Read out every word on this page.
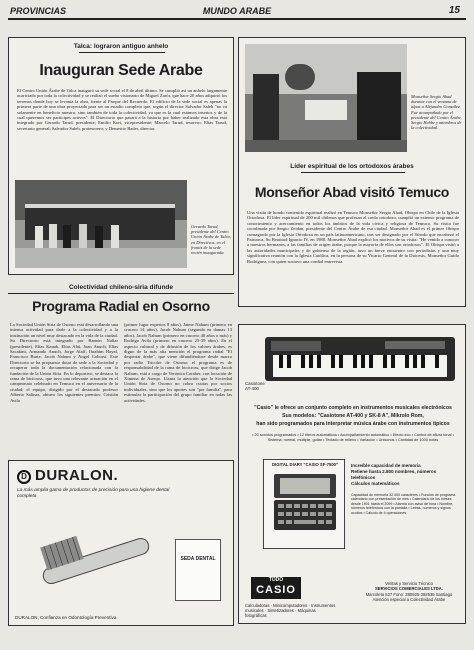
PROVINCIAS	MUNDO ARABE	15
Talca: lograron antiguo anhelo
Inauguran Sede Arabe
El Centro Unión Árabe de Talca inauguró su sede social el 8 de abril último. Se cumplió así un anhelo largamente acariciado por toda la colectividad y se realizó el sueño visionario de Miguel Zarör, que hace 20 años adquirió los terrenos donde hoy se levanta la obra, frente al Parque del Recuerdo. El edificio de la sede social es apenas la primera parte de una obra proyectada para ser un estadio completo que, según el director Salvador Saleh "no va solamente en beneficio nuestro, sino también de toda la colectividad, ya que es la cual estamos insertos y de la cual queremos ser partícipes activos". El Directorio que pasará a la historia por haber realizado esta obra está integrado por Gerardo Tarud, presidente; Emilio Kort, vicepresidente; Marcelo Tarud, tesorero; Elías Tarud, secretario general; Salvador Saleh, protesorero; y Demetrio Bader, director.
Gerardo Tarud, presidente del Centro Unión Árabe de Talca, en Directivos, en el frontis de la sede recién inaugurada.
Monseñor Sergio Abad durante con el ventana de alpas a Alejandro González. Fue acompañado por el presidente del Centro Árabe, Sergio Hebbe y miembros de la colectividad.
Líder espiritual de los ortodoxos árabes
Monseñor Abad visitó Temuco
Una visita de hondo contenido espiritual realizó en Temuco Monseñor Sergio Abad, Obispo en Chile de la Iglesia Ortodoxa. El líder espiritual de 200 mil chilenos que profesan el credo ortodoxo, cumplió un extenso programa de conocimiento y acercamiento en todos los ámbitos de la vida cívica y religiosa de Temuco. Su visita fue coordinada por Sergio Zeidan, presidente del Centro Árabe de esa ciudad. Monseñor Abad es el primer Obispo consagrado por la Iglesia Ortodoxa en un país latinoamericano, tras ser designado por el Sínodo que encabezó el Patriarca, Su Beatitud Ignacio IV, en 1988. Monseñor Abad explicó los motivos de su visita: "He venido a conocer a nuestros hermanos, a las familias de origen árabe, porque la mayoría de ellos son ortodoxos". El Obispo visitó a las autoridades municipales y de gobierno de la región, tuvo un breve encuentro con periodistas y una muy significativa reunión con la Iglesia Católica, en la persona de su Vicario General de la Diócesis, Monseñor Guido Rodríguez, con quien sostuvo una cordial entrevista.
Colectividad chileno-siria difunde
Programa Radial en Osorno
La Sociedad Unión Siria de Osorno está desarrollando una intensa actividad para darle a la colectividad y a la institución un nivel muy destacado en la vida de la ciudad. Su Directorio está integrado por Ramón Nallar (presidente), Elías Kauak, Elías Ahú, Juan Anuch, Elías Sacakini, Armando Anuch, Jorge Alaff, Ibrahim Hayal, Francisco Burte, Jacob Nahum y Angel Coborsi. Este Directorio se ha propuesto dotar de sede a la Sociedad y recuperar toda la documentación relacionada con la fundación de la Unión Siria. En lo deportivo, se destaca la rama de bicicross, que tuvo una relevante actuación en el campeonato celebrado en Temuco en el aniversario de la ciudad; el equipo, dirigido por el destacado profesor Alberto Salinas, obtuvo los siguientes premios: Cristián Avila
(primer lugar expertos 8 años), Jaime Nahum (primero en crucero 14 años), Jacob Nahum (segunda en damas 13 años), Jacob Nahum (primero en crucero 40 años o más) y Rodrigo Avila (primero en crucero 25-39 años). En el aspecto cultural y de difusión de los valores árabes, es digno de la más alta mención el programa radial "El despertar árabe", que viene difundiéndose desde marzo por radio Tricolor de Osorno; el programa es de responsabilidad de la rama de bicicross, que dirige Jacob Nahum, está a cargo de Verónica Caraber, con locución de Ximena de Asenjo. Llama la atención que la Sociedad Unión Siria de Osorno no cobra cuotas por socios individuales, sino que los aportes son "por familia", para estimular la participación del grupo familiar en todas las actividades.
D DURALON.
La más amplia gama de productos de precisión para una higiene dental completa
SEDA DENTAL
DURALON, Confianza en Odontología Preventiva
Casiotone AT-400
"Casio" le ofrece un conjunto completo en instrumentos musicales electrónicos
Sus modelos: "Casiotone AT-400 y SK-8 A", Mikrolo Rom,
han sido programados para interpretar música árabe con instrumentos típicos
• 20 sonidos programados • 12 ritmos automáticos • Acompañamiento automático • Efecto eco • Control de altura tonal • Sistema: normal, multiple, guitar • Teclado de relleno • Variación • Unisonos • Cantidad de 1000 notas
DIGITAL DIARY "CASIO SF-7500"	Increíble capacidad de memoria
Retiene hasta 2.800 nombres, números telefónicos
Cálculos matemáticos
Capacidad de memoria 32.000 caracteres • Función de programa calendario con presentación de mes • Calendario de los meses desde 1901 hasta el 2099 • Alarma con aviso de hora • Nombre, números telefónicos con la pantalla • Letras, números y signos ocultos • Cálculo de 4 operaciones
TODO
CASIO
Calculadoras · Minicomputadores · Instrumentos musicales · Sintetizadores · Máquinas fotográficas
Ventas y Servicio Técnico
SERVICIOS COMERCIALES LTDA.
Marcoleta 527 Fono: 380925-392539 Santiago
Atención especial a Colectividad Árabe
